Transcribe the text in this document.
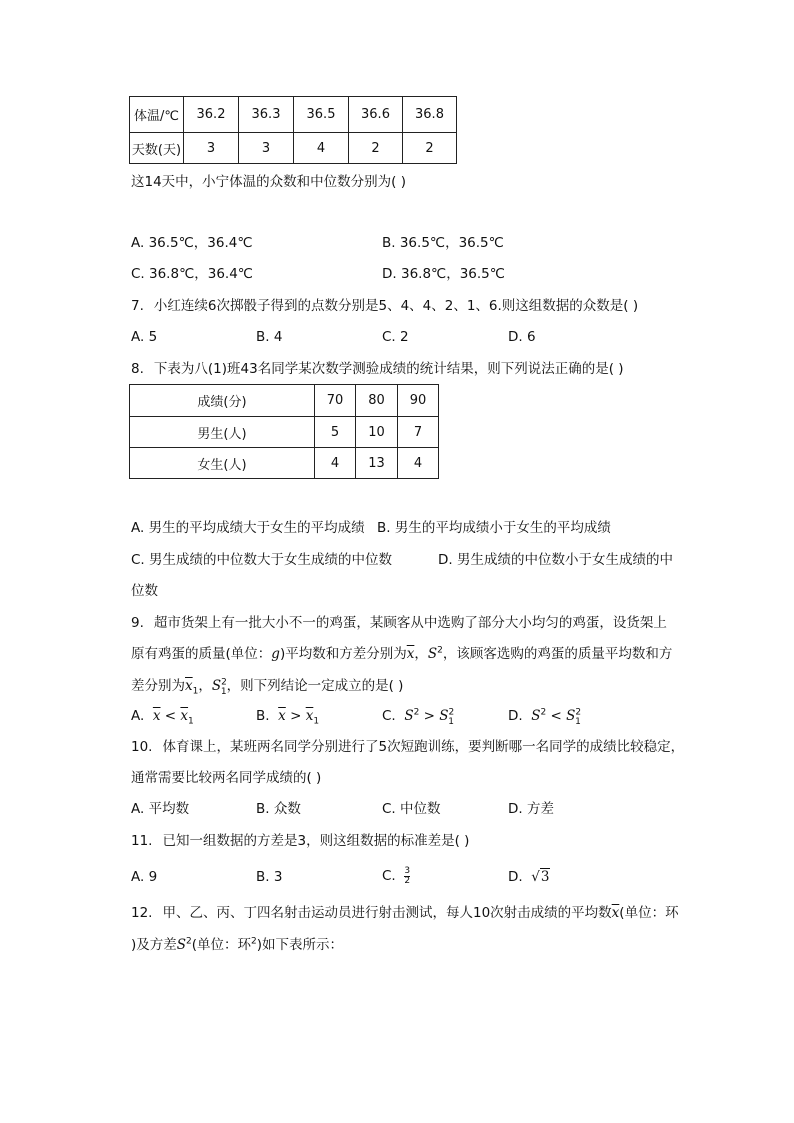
体温/℃	36.2	36.3	36.5	36.6	36.8
天数(天)	3	3	4	2	2
这14天中，小宁体温的众数和中位数分别为( )
A. 36.5℃，36.4℃	B. 36.5℃，36.5℃
C. 36.8℃，36.4℃	D. 36.8℃，36.5℃
7. 小红连续6次掷骰子得到的点数分别是5、4、4、2、1、6.则这组数据的众数是( )
A. 5	B. 4	C. 2	D. 6
8. 下表为八(1)班43名同学某次数学测验成绩的统计结果，则下列说法正确的是( )
成绩(分)	70	80	90
男生(人)	5	10	7
女生(人)	4	13	4
A. 男生的平均成绩大于女生的平均成绩 B. 男生的平均成绩小于女生的平均成绩
C. 男生成绩的中位数大于女生成绩的中位数	D. 男生成绩的中位数小于女生成绩的中
位数
9. 超市货架上有一批大小不一的鸡蛋，某顾客从中选购了部分大小均匀的鸡蛋，设货架上
原有鸡蛋的质量(单位：g)平均数和方差分别为$\overline{x}$，$S^2$，该顾客选购的鸡蛋的质量平均数和方
差分别为$\overline{x}_1$，$S^2_1$，则下列结论一定成立的是( )
A. $\overline{x} < \overline{x}_1$	B. $\overline{x} > \overline{x}_1$	C. $S^2 > S^2_1$	D. $S^2 < S^2_1$
10. 体育课上，某班两名同学分别进行了5次短跑训练，要判断哪一名同学的成绩比较稳定，
通常需要比较两名同学成绩的( )
A. 平均数	B. 众数	C. 中位数	D. 方差
11. 已知一组数据的方差是3，则这组数据的标准差是( )
A. 9	B. 3	C. $\frac{3}{2}$	D. √3
12. 甲、乙、丙、丁四名射击运动员进行射击测试，每人10次射击成绩的平均数$\overline{x}$(单位：环
)及方差$S^2$(单位：环$^2$)如下表所示：
